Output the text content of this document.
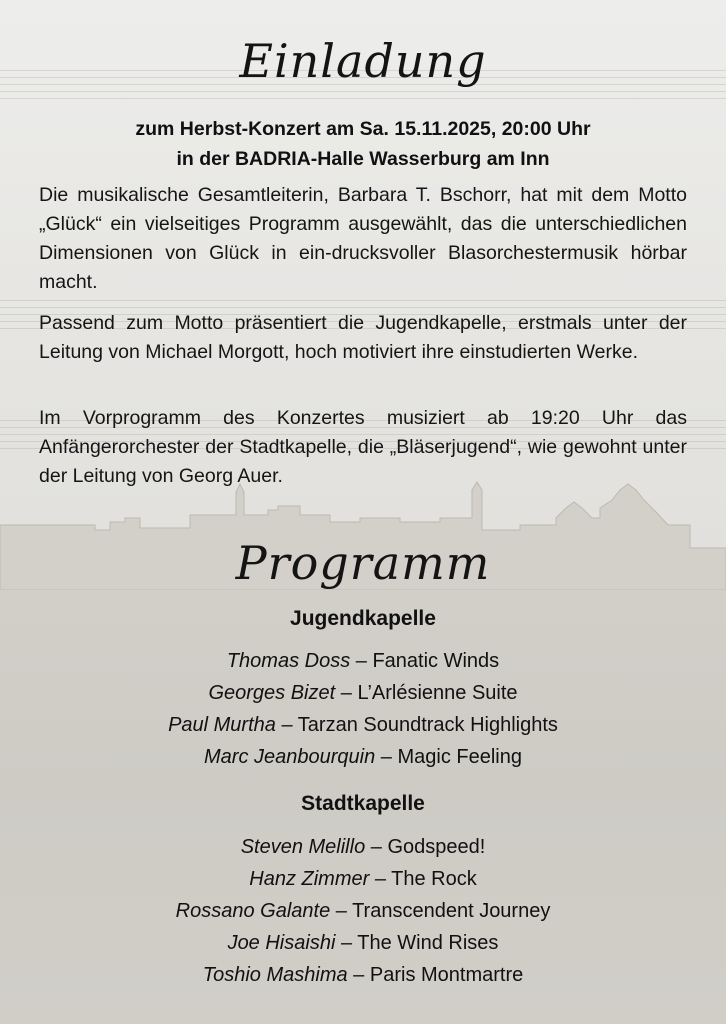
Einladung
zum Herbst-Konzert am Sa. 15.11.2025, 20:00 Uhr
in der BADRIA-Halle Wasserburg am Inn
Die musikalische Gesamtleiterin, Barbara T. Bschorr, hat mit dem Motto „Glück“ ein vielseitiges Programm ausgewählt, das die unterschiedlichen Dimensionen von Glück in ein-drucksvoller Blasorchestermusik hörbar macht.
Passend zum Motto präsentiert die Jugendkapelle, erstmals unter der Leitung von Michael Morgott, hoch motiviert ihre einstudierten Werke.
Im Vorprogramm des Konzertes musiziert ab 19:20 Uhr das Anfängerorchester der Stadtkapelle, die „Bläserjugend“, wie gewohnt unter der Leitung von Georg Auer.
Programm
Jugendkapelle
Thomas Doss – Fanatic Winds
Georges Bizet – L’Arlésienne Suite
Paul Murtha – Tarzan Soundtrack Highlights
Marc Jeanbourquin – Magic Feeling
Stadtkapelle
Steven Melillo – Godspeed!
Hanz Zimmer – The Rock
Rossano Galante – Transcendent Journey
Joe Hisaishi – The Wind Rises
Toshio Mashima – Paris Montmartre
